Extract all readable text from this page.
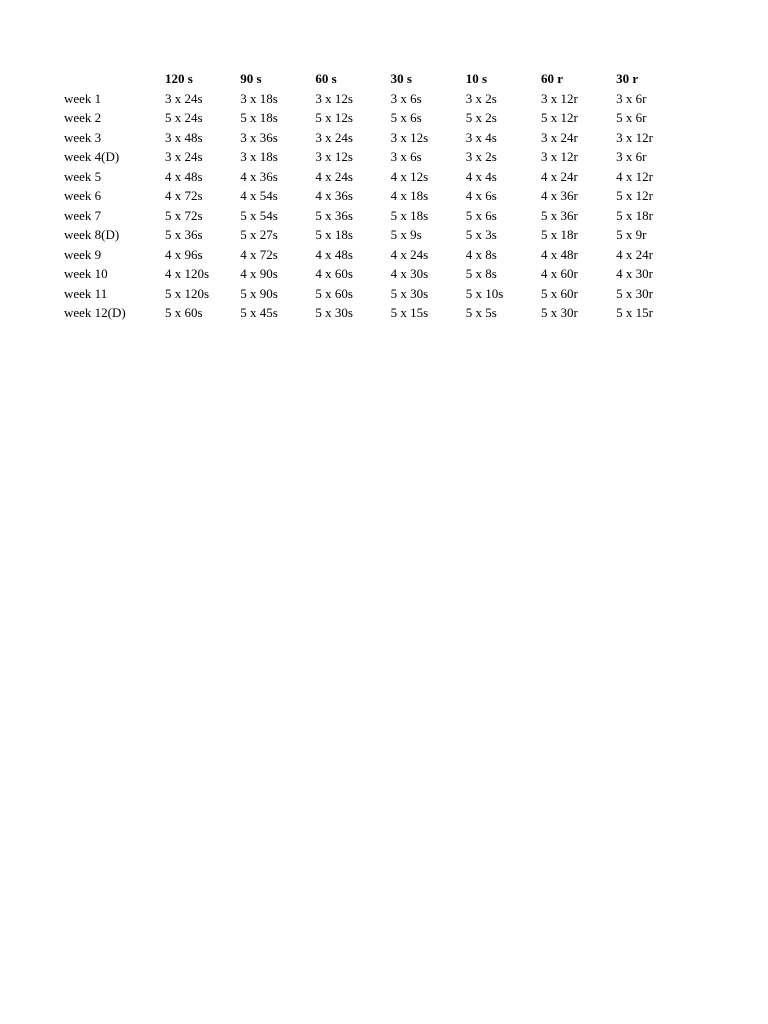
	120 s	90 s	60 s	30 s	10 s	60 r	30 r
week 1	3 x 24s	3 x 18s	3 x 12s	3 x 6s	3 x 2s	3 x 12r	3 x 6r
week 2	5 x 24s	5 x 18s	5 x 12s	5 x 6s	5 x 2s	5 x 12r	5 x 6r
week 3	3 x 48s	3 x 36s	3 x 24s	3 x 12s	3 x 4s	3 x 24r	3 x 12r
week 4(D)	3 x 24s	3 x 18s	3 x 12s	3 x 6s	3 x 2s	3 x 12r	3 x 6r
week 5	4 x 48s	4 x 36s	4 x 24s	4 x 12s	4 x 4s	4 x 24r	4 x 12r
week 6	4 x 72s	4 x 54s	4 x 36s	4 x 18s	4 x 6s	4 x 36r	5 x 12r
week 7	5 x 72s	5 x 54s	5 x 36s	5 x 18s	5 x 6s	5 x 36r	5 x 18r
week 8(D)	5 x 36s	5 x 27s	5 x 18s	5 x 9s	5 x 3s	5 x 18r	5 x 9r
week 9	4 x 96s	4 x 72s	4 x 48s	4 x 24s	4 x 8s	4 x 48r	4 x 24r
week 10	4 x 120s	4 x 90s	4 x 60s	4 x 30s	5 x 8s	4 x 60r	4 x 30r
week 11	5 x 120s	5 x 90s	5 x 60s	5 x 30s	5 x 10s	5 x 60r	5 x 30r
week 12(D)	5 x 60s	5 x 45s	5 x 30s	5 x 15s	5 x 5s	5 x 30r	5 x 15r
